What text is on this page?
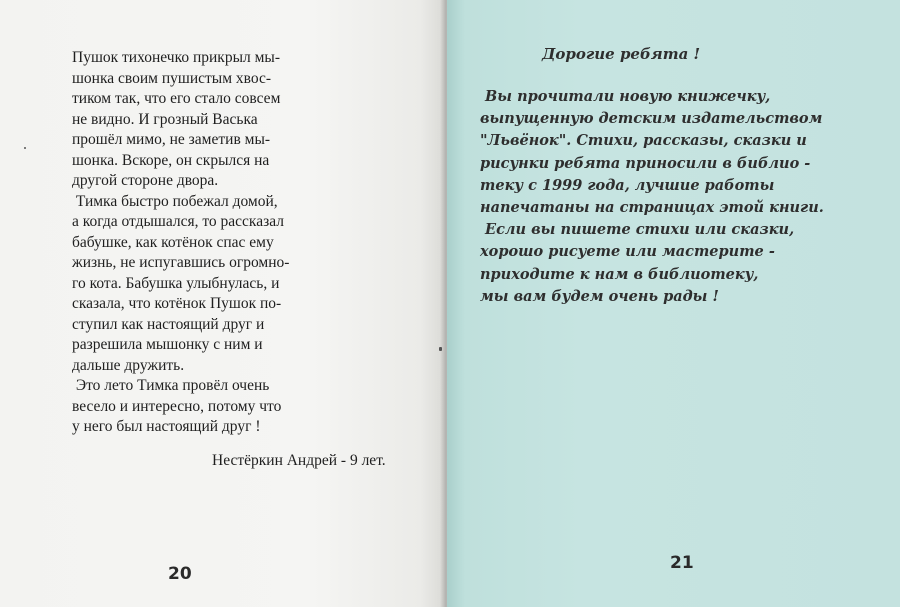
Пушок тихонечко прикрыл мы-
шонка своим пушистым хвос-
тиком так, что его стало совсем
не видно. И грозный Васька
прошёл мимо, не заметив мы-
шонка. Вскоре, он скрылся на
другой стороне двора.
Тимка быстро побежал домой,
а когда отдышался, то рассказал
бабушке, как котёнок спас ему
жизнь, не испугавшись огромно-
го кота. Бабушка улыбнулась, и
сказала, что котёнок Пушок по-
ступил как настоящий друг и
разрешила мышонку с ним и
дальше дружить.
Это лето Тимка провёл очень
весело и интересно, потому что
у него был настоящий друг !
Нестёркин Андрей - 9 лет.
20
Дорогие ребята !
Вы прочитали новую книжечку,
выпущенную детским издательством
"Львёнок". Стихи, рассказы, сказки и
рисунки ребята приносили в библио -
теку с 1999 года, лучшие работы
напечатаны на страницах этой книги.
Если вы пишете стихи или сказки,
хорошо рисуете или мастерите -
приходите к нам в библиотеку,
мы вам будем очень рады !
21
